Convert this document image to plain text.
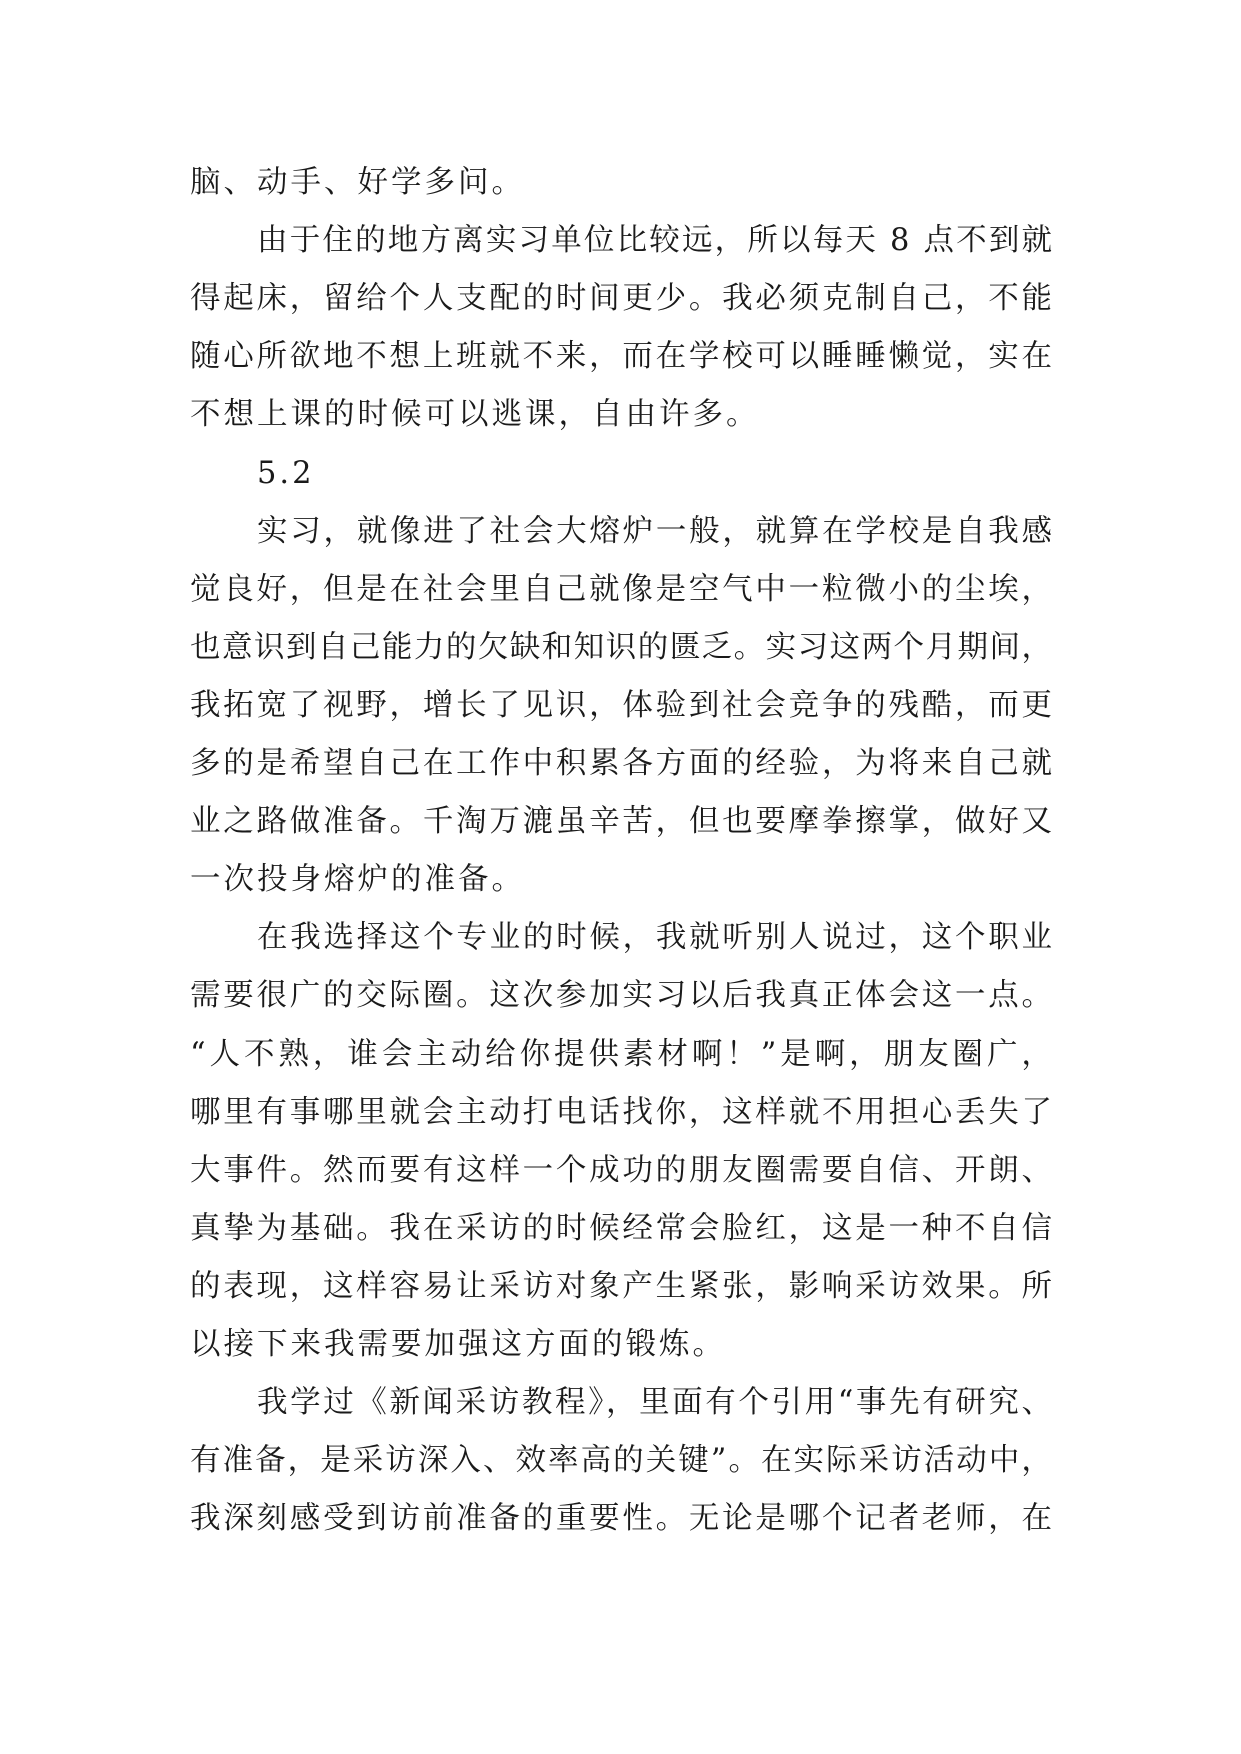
脑、动手、好学多问。
由于住的地方离实习单位比较远，所以每天 8 点不到就
得起床，留给个人支配的时间更少。我必须克制自己，不能
随心所欲地不想上班就不来，而在学校可以睡睡懒觉，实在
不想上课的时候可以逃课，自由许多。
5.2
实习，就像进了社会大熔炉一般，就算在学校是自我感
觉良好，但是在社会里自己就像是空气中一粒微小的尘埃，
也意识到自己能力的欠缺和知识的匮乏。实习这两个月期间，
我拓宽了视野，增长了见识，体验到社会竞争的残酷，而更
多的是希望自己在工作中积累各方面的经验，为将来自己就
业之路做准备。千淘万漉虽辛苦，但也要摩拳擦掌，做好又
一次投身熔炉的准备。
在我选择这个专业的时候，我就听别人说过，这个职业
需要很广的交际圈。这次参加实习以后我真正体会这一点。
“人不熟，谁会主动给你提供素材啊！”是啊，朋友圈广，
哪里有事哪里就会主动打电话找你，这样就不用担心丢失了
大事件。然而要有这样一个成功的朋友圈需要自信、开朗、
真挚为基础。我在采访的时候经常会脸红，这是一种不自信
的表现，这样容易让采访对象产生紧张，影响采访效果。所
以接下来我需要加强这方面的锻炼。
我学过《新闻采访教程》，里面有个引用“事先有研究、
有准备，是采访深入、效率高的关键”。在实际采访活动中，
我深刻感受到访前准备的重要性。无论是哪个记者老师，在
